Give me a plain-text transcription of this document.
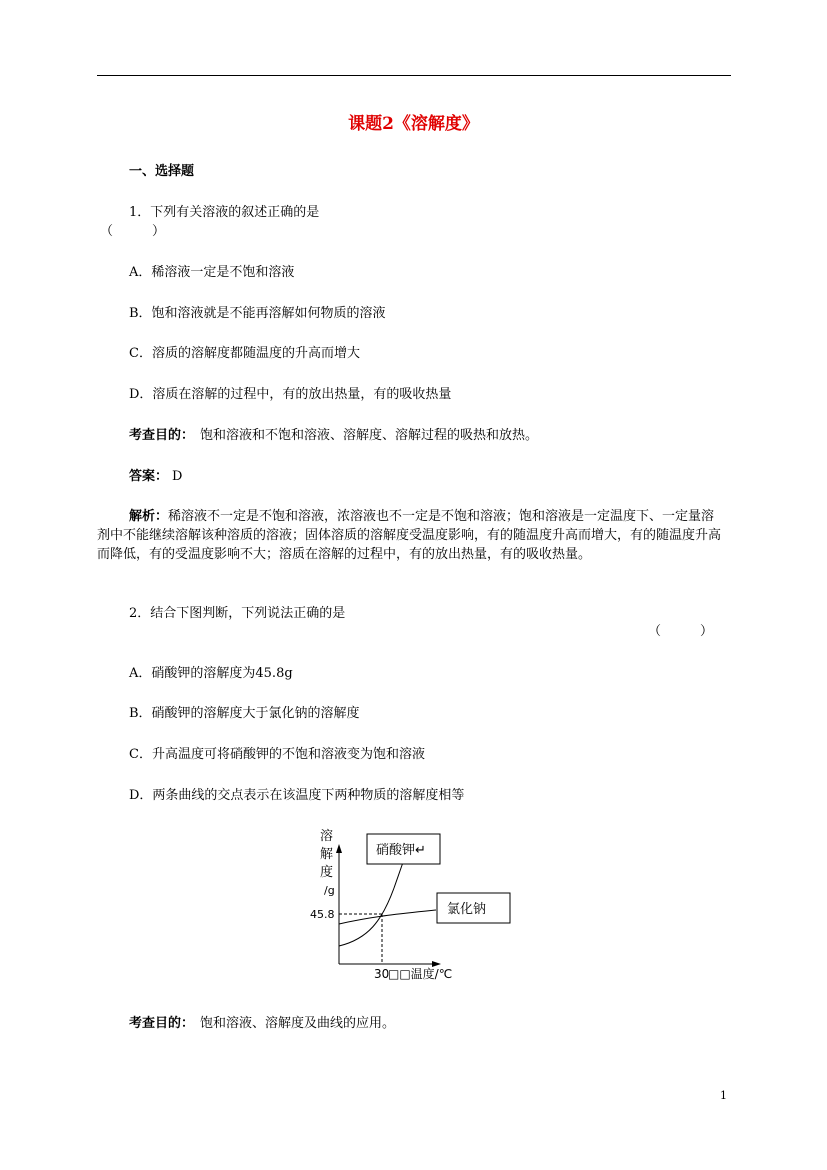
课题2《溶解度》
一、选择题
1．下列有关溶液的叙述正确的是
（　　　）
A．稀溶液一定是不饱和溶液
B．饱和溶液就是不能再溶解如何物质的溶液
C．溶质的溶解度都随温度的升高而增大
D．溶质在溶解的过程中，有的放出热量，有的吸收热量
考查目的： 饱和溶液和不饱和溶液、溶解度、溶解过程的吸热和放热。
答案： D
解析：稀溶液不一定是不饱和溶液，浓溶液也不一定是不饱和溶液；饱和溶液是一定温度下、一定量溶剂中不能继续溶解该种溶质的溶液；固体溶质的溶解度受温度影响，有的随温度升高而增大，有的随温度升高而降低，有的受温度影响不大；溶质在溶解的过程中，有的放出热量，有的吸收热量。
2．结合下图判断，下列说法正确的是
（　　　）
A．硝酸钾的溶解度为45.8g
B．硝酸钾的溶解度大于氯化钠的溶解度
C．升高温度可将硝酸钾的不饱和溶液变为饱和溶液
D．两条曲线的交点表示在该温度下两种物质的溶解度相等
溶
解
度
/g
45.8
30
□□温度/℃
硝酸钾↵
氯化钠
考查目的： 饱和溶液、溶解度及曲线的应用。
1
